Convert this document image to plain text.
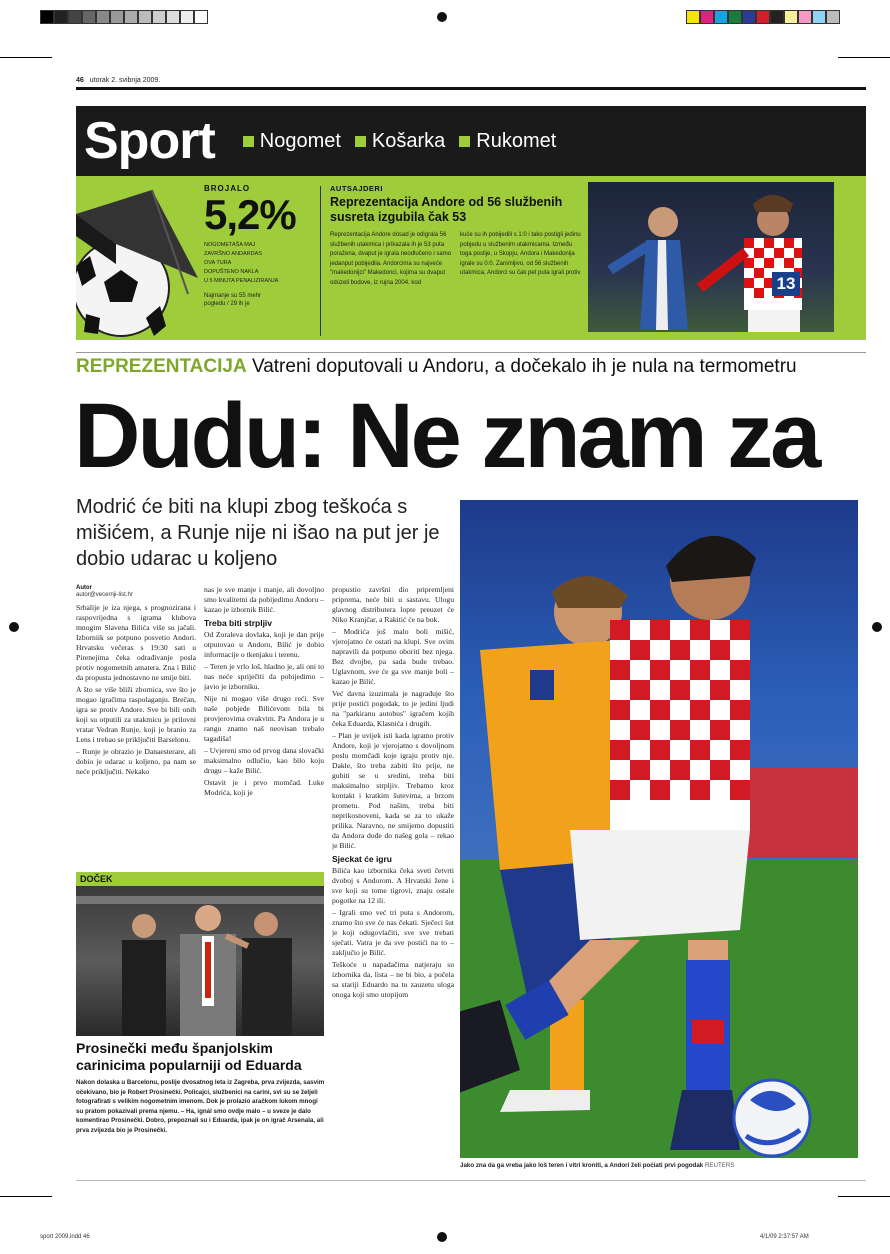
46 utorak 2. svibnja 2009.
Sport Nogomet Košarka Rukomet
BROJALO
5,2%
NOGOMETAŠA MAJ
ZAVRŠNO ANDARDAS
OVA TURA
DOPUŠTENO NAKLA
U 5 MINUTA PENALIZIRANJA
Najmanje su 55 mehr pogledu / 29 ih je
AUTSAJDERI
Reprezentacija Andore od 56 službenih susreta izgubila čak 53
Reprezentacija Andore dosad je odigrala 56 službenih utakmica i prikazala ih je 53 puta poražena, dvaput je igrala neodlučeno i samo jedanput pobijedila. Andorcima su najveće "makedonijci" Makedonci, kojima su dvaput odu̇zeli bodove, iz rujna 2004. kod
kuće su ih pobijedili s 1:0 i tako postigli jedinu pobjedu u službenim utakmicama. Između toga poslije, u Skopju, Andora i Makedonija igrale su 0:0. Zanimljivo, od 56 službenih utakmica, Andorci su čak pet puta igrali protiv
13
REPREZENTACIJA Vatreni doputovali u Andoru, a dočekalo ih je nula na termometru
Dudu: Ne znam za
Modrić će biti na klupi zbog teškoća s mišićem, a Runje nije ni išao na put jer je dobio udarac u koljeno
Autor
autor@vecernji-list.hr

Srbalije je iza njega, s prognozirana i raspovrijedna s igrama klubova mnogim Slavena Bilića više su jačali. Izborniik se potpuno posvetio Andori. Hrvatsku večeras s 19:30 sati u Pirenejima čeka odrađivanje posla protiv nogometnih amatera. Zna i Bilić da propusta jednostavno ne smije biti.

A što se više bliži zbornica, sve što je mogao igračima raspolaganju. Brečan, igra se protiv Andore. Sve bi bili onih koji su otputili za utakmicu je prilovni vratar Vedran Runje, koji je branio za Lens i trebao se priključiti Barselonu.

– Runje je obrazio je Danaesterare, ali dobio je udarac u koljeno, pa nam se neće priključiti. Nekako

nas je sve manje i manje, ali dovoljno smo kvalitetni da pobijedimo Andoru – kazao je izbornik Bilić.

Treba biti strpljiv

Od Zoraleva dovlaka, koji je dan prije otputovao u Andoru, Bilić je dobio informacije o tkenjaku i terenu.

– Teren je vrlo loš, hladno je, ali oni to nas neće spriječiti da pobijedimo – javio je izborniku.

Nije ni mogao više drugo reći. Sve naše pobjede Bilićevom bila bi provjerovima ovakvim. Pa Andora je u rangu znamo naš neovisan trebalo tagadiša!

– Uvjereni smo od prvog dana slovački maksimalno odlučio, kao bilo koju drugu – kaže Bilić.

Ostavit je i prvo momčad. Luke Modrića, koji je

propustio završni dio pripremljeni priprema, neće biti u sastavu. Ulogu glavnog distributera lopte preuzet će Niko Kranjčar, a Rakitić će na bok.

– Modrića još malo boli mišić, vjerojatno će ostati na klupi. Sve ovim napravili da potpuno oboriti bez njega. Bez dvojbe, pa sada bude trebao. Uglavnom, sve će ga sve manje boli – kazao je Bilić.

Već davna izuzimala je nagrađuje što prije postići pogodak, to je jedini ljudi na "parkiranu autobus" igračem kojih čeka Eduarda, Klasnića i drugih.

– Plan je uvijek isti kada igramo protiv Andore, koji je vjerojatno s dovoljnom poslu momčadi koje igraju protiv nje. Dakle, što treba zabiti što prije, ne gubiti se u sredini, treba biti maksimalno strpljiv. Trebamo kroz kontakt i kratkim šutevima, a brzom prometu. Pod našim, treba biti neprikosnoveni, kada se za to ukaže prilika. Naravno, ne smijemo dopustiti da Andora dođe do našeg gola – rekao je Bilić.

Sjeckat će igru

Bilića kao izbornika čeka sveti četvrti dvoboj s Andorom. A Hrvatski žene i sve koji su tome tigrovi, znaju ostale pogotke na 12 ili.

– Igrali smo već tri puta s Andorom, znamo što sve će nas čekati. Sječeci šut je koji odugovlačiti, sve sve trebati sječati. Vatra je da sve postići na to – zaključio je Bilić.

Teškoće u napadačima natjeraju su izbornika da, lista – ne bi bio, a počela sa stariji Eduardo na tu zauzetu uloga onoga koji smo utopijom

DOČEK
Prosinečki među španjolskim carinicima popularniji od Eduarda
Nakon dolaska u Barcelonu, poslije dvosatnog leta iz Zagreba, prva zvijezda, sasvim očekivano, bio je Robert Prosinečki. Policajci, službenici na carini, svi su se željeli fotografirati s velikim nogometnim imenom. Dok je prolazio aračkom lukom mnogi su pratom pokazivali prema njemu. – Ha, ignál smo ovdje malo – u sveze je dalo komentirao Prosinečki. Dobro, prepoznali su i Eduarda, ipak je on igrač Arsenala, ali prva zvijezda bio je Prosinečki.
Jako zna da ga vreba jako loš teren i vitri kroniti, a Andori želi poćiati prvi pogodak REUTERS
sport 2009.indd 46	4/1/09 2:37:57 AM
